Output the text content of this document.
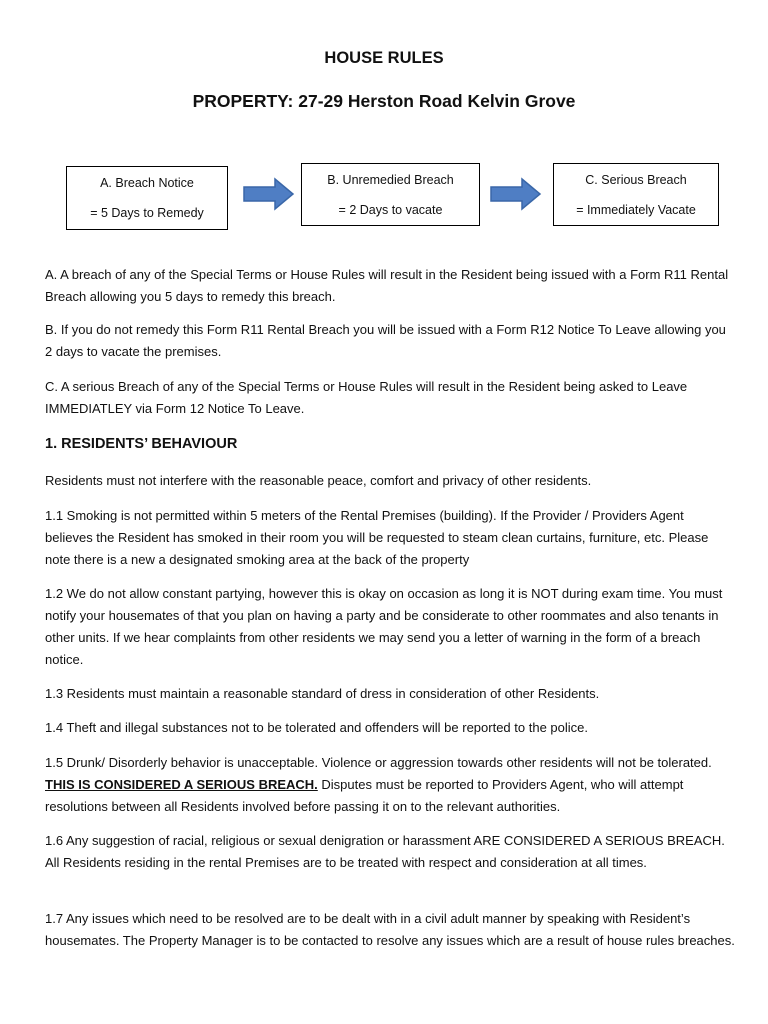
HOUSE RULES
PROPERTY: 27-29 Herston Road Kelvin Grove
A. Breach Notice
= 5 Days to Remedy
B. Unremedied Breach
= 2 Days to vacate
C. Serious Breach
= Immediately Vacate

A. A breach of any of the Special Terms or House Rules will result in the Resident being issued with a Form R11 Rental Breach allowing you 5 days to remedy this breach.

B. If you do not remedy this Form R11 Rental Breach you will be issued with a Form R12 Notice To Leave allowing you 2 days to vacate the premises.

C. A serious Breach of any of the Special Terms or House Rules will result in the Resident being asked to Leave IMMEDIATLEY via Form 12 Notice To Leave.

1. RESIDENTS’ BEHAVIOUR

Residents must not interfere with the reasonable peace, comfort and privacy of other residents.

1.1 Smoking is not permitted within 5 meters of the Rental Premises (building). If the Provider / Providers Agent believes the Resident has smoked in their room you will be requested to steam clean curtains, furniture, etc. Please note there is a new a designated smoking area at the back of the property

1.2 We do not allow constant partying, however this is okay on occasion as long it is NOT during exam time. You must notify your housemates of that you plan on having a party and be considerate to other roommates and also tenants in other units. If we hear complaints from other residents we may send you a letter of warning in the form of a breach notice.

1.3 Residents must maintain a reasonable standard of dress in consideration of other Residents.

1.4 Theft and illegal substances not to be tolerated and offenders will be reported to the police.

1.5 Drunk/ Disorderly behavior is unacceptable. Violence or aggression towards other residents will not be tolerated. THIS IS CONSIDERED A SERIOUS BREACH. Disputes must be reported to Providers Agent, who will attempt resolutions between all Residents involved before passing it on to the relevant authorities.

1.6 Any suggestion of racial, religious or sexual denigration or harassment ARE CONSIDERED A SERIOUS BREACH. All Residents residing in the rental Premises are to be treated with respect and consideration at all times.

1.7 Any issues which need to be resolved are to be dealt with in a civil adult manner by speaking with Resident’s housemates. The Property Manager is to be contacted to resolve any issues which are a result of house rules breaches.
